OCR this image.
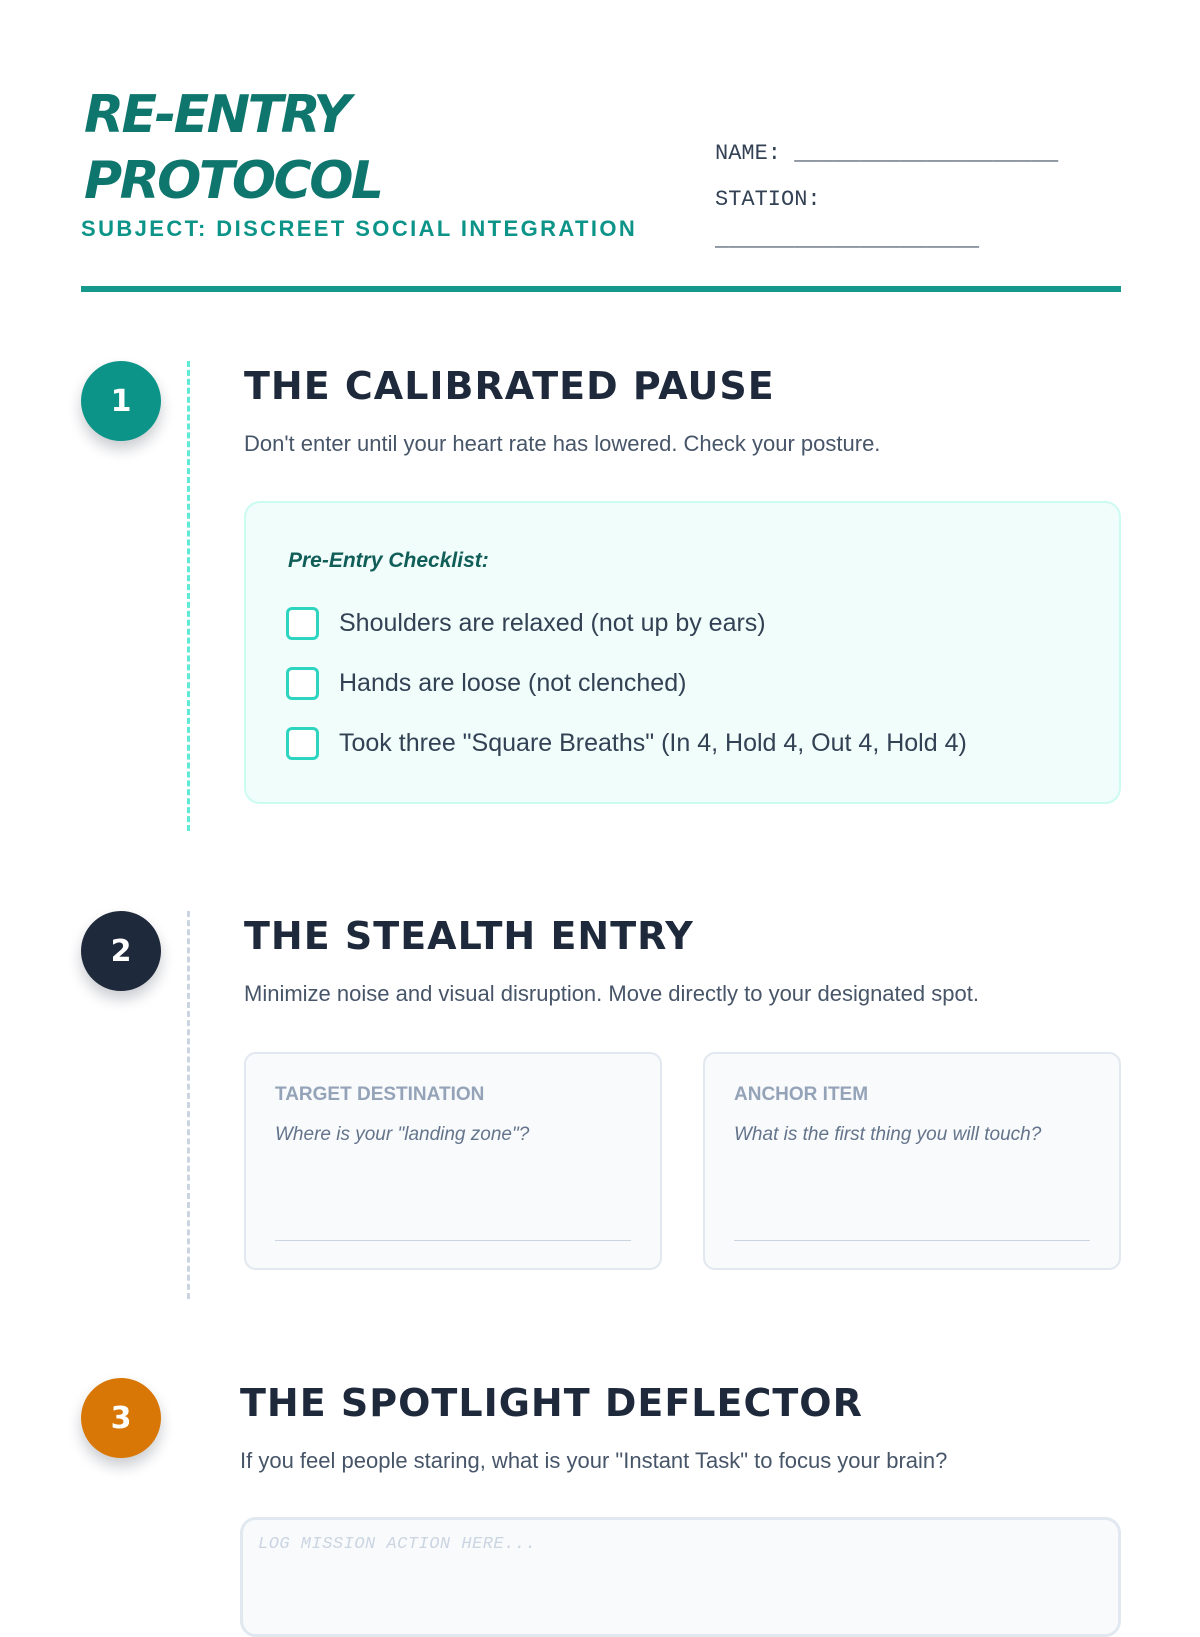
RE-ENTRY
PROTOCOL
SUBJECT: DISCREET SOCIAL INTEGRATION
NAME: ____________________
STATION:
____________________
1	THE CALIBRATED PAUSE
Don't enter until your heart rate has lowered. Check your posture.
Pre-Entry Checklist:
Shoulders are relaxed (not up by ears)
Hands are loose (not clenched)
Took three "Square Breaths" (In 4, Hold 4, Out 4, Hold 4)
2	THE STEALTH ENTRY
Minimize noise and visual disruption. Move directly to your designated spot.
TARGET DESTINATION
Where is your "landing zone"?
ANCHOR ITEM
What is the first thing you will touch?
3	THE SPOTLIGHT DEFLECTOR
If you feel people staring, what is your "Instant Task" to focus your brain?
LOG MISSION ACTION HERE...
